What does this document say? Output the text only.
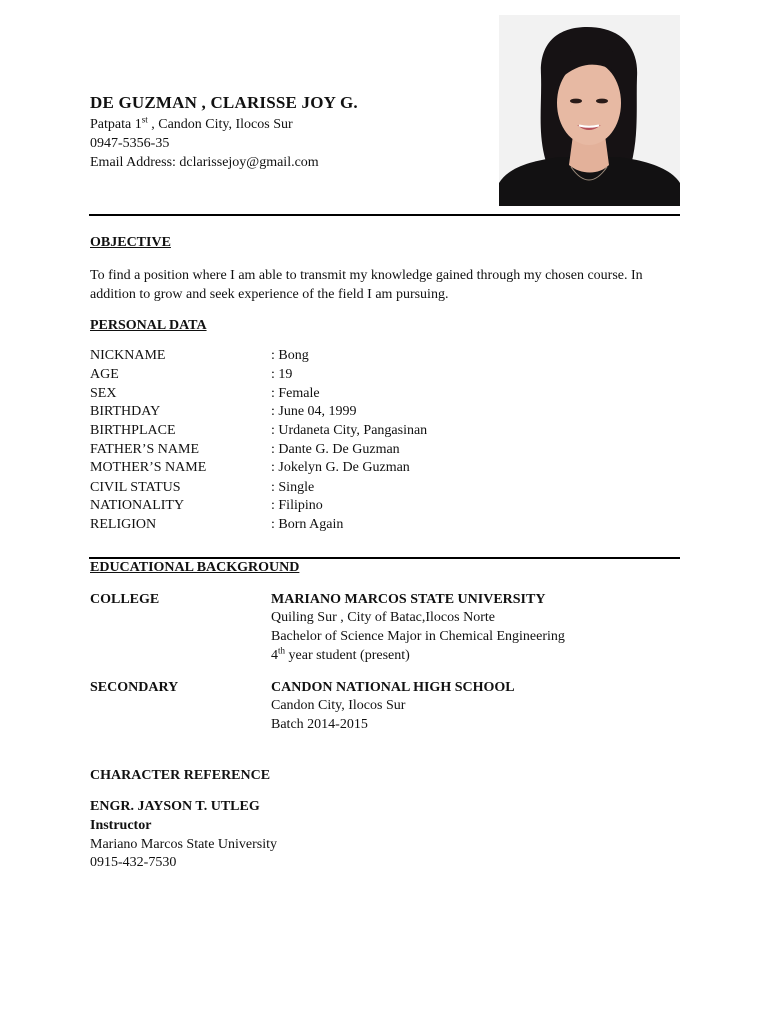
DE GUZMAN , CLARISSE JOY G.
Patpata 1st , Candon City, Ilocos Sur
0947-5356-35
Email Address: dclarissejoy@gmail.com
OBJECTIVE
To find a position where I am able to transmit my knowledge gained through my chosen course. In
addition to grow and seek experience of the field I am pursuing.
PERSONAL DATA
NICKNAME	: Bong
AGE	: 19
SEX	: Female
BIRTHDAY	: June 04, 1999
BIRTHPLACE	: Urdaneta City, Pangasinan
FATHER’S NAME	: Dante G. De Guzman
MOTHER’S NAME	: Jokelyn G. De Guzman
CIVIL STATUS	: Single
NATIONALITY	: Filipino
RELIGION	: Born Again
EDUCATIONAL BACKGROUND
COLLEGE	MARIANO MARCOS STATE UNIVERSITY
Quiling Sur , City of Batac,Ilocos Norte
Bachelor of Science Major in Chemical Engineering
4th year student (present)
SECONDARY	CANDON NATIONAL HIGH SCHOOL
Candon City, Ilocos Sur
Batch 2014-2015
CHARACTER REFERENCE
ENGR. JAYSON T. UTLEG
Instructor
Mariano Marcos State University
0915-432-7530
